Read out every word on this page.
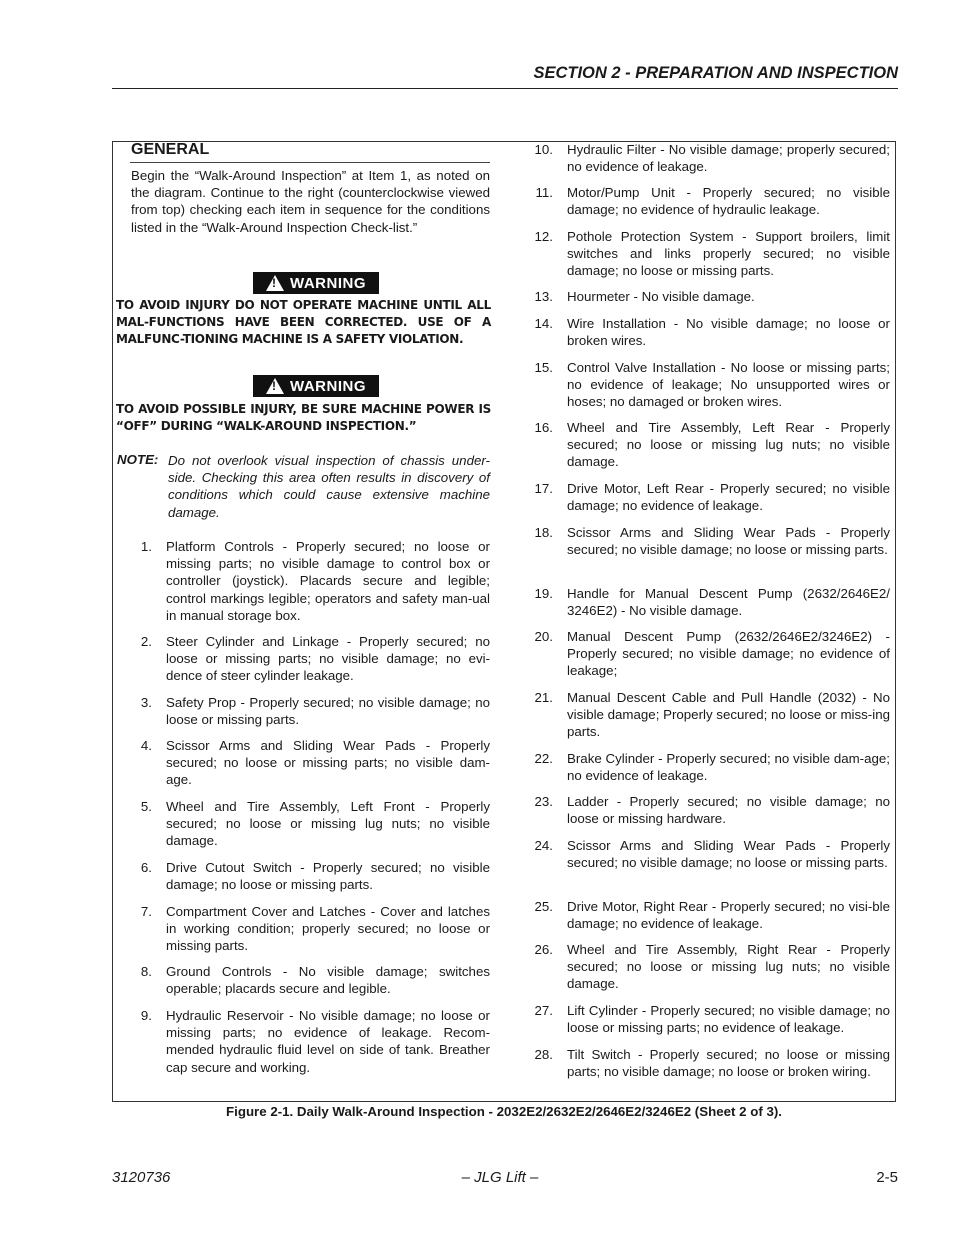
SECTION 2 - PREPARATION AND INSPECTION
GENERAL
Begin the “Walk-Around Inspection” at Item 1, as noted on the diagram. Continue to the right (counterclockwise viewed from top) checking each item in sequence for the conditions listed in the “Walk-Around Inspection Check-list.”
!
WARNING
TO AVOID INJURY DO NOT OPERATE MACHINE UNTIL ALL MAL-FUNCTIONS HAVE BEEN CORRECTED. USE OF A MALFUNC-TIONING MACHINE IS A SAFETY VIOLATION.
!
WARNING
TO AVOID POSSIBLE INJURY, BE SURE MACHINE POWER IS “OFF” DURING “WALK-AROUND INSPECTION.”
NOTE: Do not overlook visual inspection of chassis under-side. Checking this area often results in discovery of conditions which could cause extensive machine damage.
1. Platform Controls - Properly secured; no loose or missing parts; no visible damage to control box or controller (joystick). Placards secure and legible; control markings legible; operators and safety man-ual in manual storage box.
2. Steer Cylinder and Linkage - Properly secured; no loose or missing parts; no visible damage; no evi-dence of steer cylinder leakage.
3. Safety Prop - Properly secured; no visible damage; no loose or missing parts.
4. Scissor Arms and Sliding Wear Pads - Properly secured; no loose or missing parts; no visible dam-age.
5. Wheel and Tire Assembly, Left Front - Properly secured; no loose or missing lug nuts; no visible damage.
6. Drive Cutout Switch - Properly secured; no visible damage; no loose or missing parts.
7. Compartment Cover and Latches - Cover and latches in working condition; properly secured; no loose or missing parts.
8. Ground Controls - No visible damage; switches operable; placards secure and legible.
9. Hydraulic Reservoir - No visible damage; no loose or missing parts; no evidence of leakage. Recom-mended hydraulic fluid level on side of tank. Breather cap secure and working.
10. Hydraulic Filter - No visible damage; properly secured; no evidence of leakage.
11. Motor/Pump Unit - Properly secured; no visible damage; no evidence of hydraulic leakage.
12. Pothole Protection System - Support broilers, limit switches and links properly secured; no visible damage; no loose or missing parts.
13. Hourmeter - No visible damage.
14. Wire Installation - No visible damage; no loose or broken wires.
15. Control Valve Installation - No loose or missing parts; no evidence of leakage; No unsupported wires or hoses; no damaged or broken wires.
16. Wheel and Tire Assembly, Left Rear - Properly secured; no loose or missing lug nuts; no visible damage.
17. Drive Motor, Left Rear - Properly secured; no visible damage; no evidence of leakage.
18. Scissor Arms and Sliding Wear Pads - Properly secured; no visible damage; no loose or missing parts.
19. Handle for Manual Descent Pump (2632/2646E2/ 3246E2) - No visible damage.
20. Manual Descent Pump (2632/2646E2/3246E2) - Properly secured; no visible damage; no evidence of leakage;
21. Manual Descent Cable and Pull Handle (2032) - No visible damage; Properly secured; no loose or miss-ing parts.
22. Brake Cylinder - Properly secured; no visible dam-age; no evidence of leakage.
23. Ladder - Properly secured; no visible damage; no loose or missing hardware.
24. Scissor Arms and Sliding Wear Pads - Properly secured; no visible damage; no loose or missing parts.
25. Drive Motor, Right Rear - Properly secured; no visi-ble damage; no evidence of leakage.
26. Wheel and Tire Assembly, Right Rear - Properly secured; no loose or missing lug nuts; no visible damage.
27. Lift Cylinder - Properly secured; no visible damage; no loose or missing parts; no evidence of leakage.
28. Tilt Switch - Properly secured; no loose or missing parts; no visible damage; no loose or broken wiring.
Figure 2-1. Daily Walk-Around Inspection - 2032E2/2632E2/2646E2/3246E2 (Sheet 2 of 3).
3120736	– JLG Lift –	2-5
